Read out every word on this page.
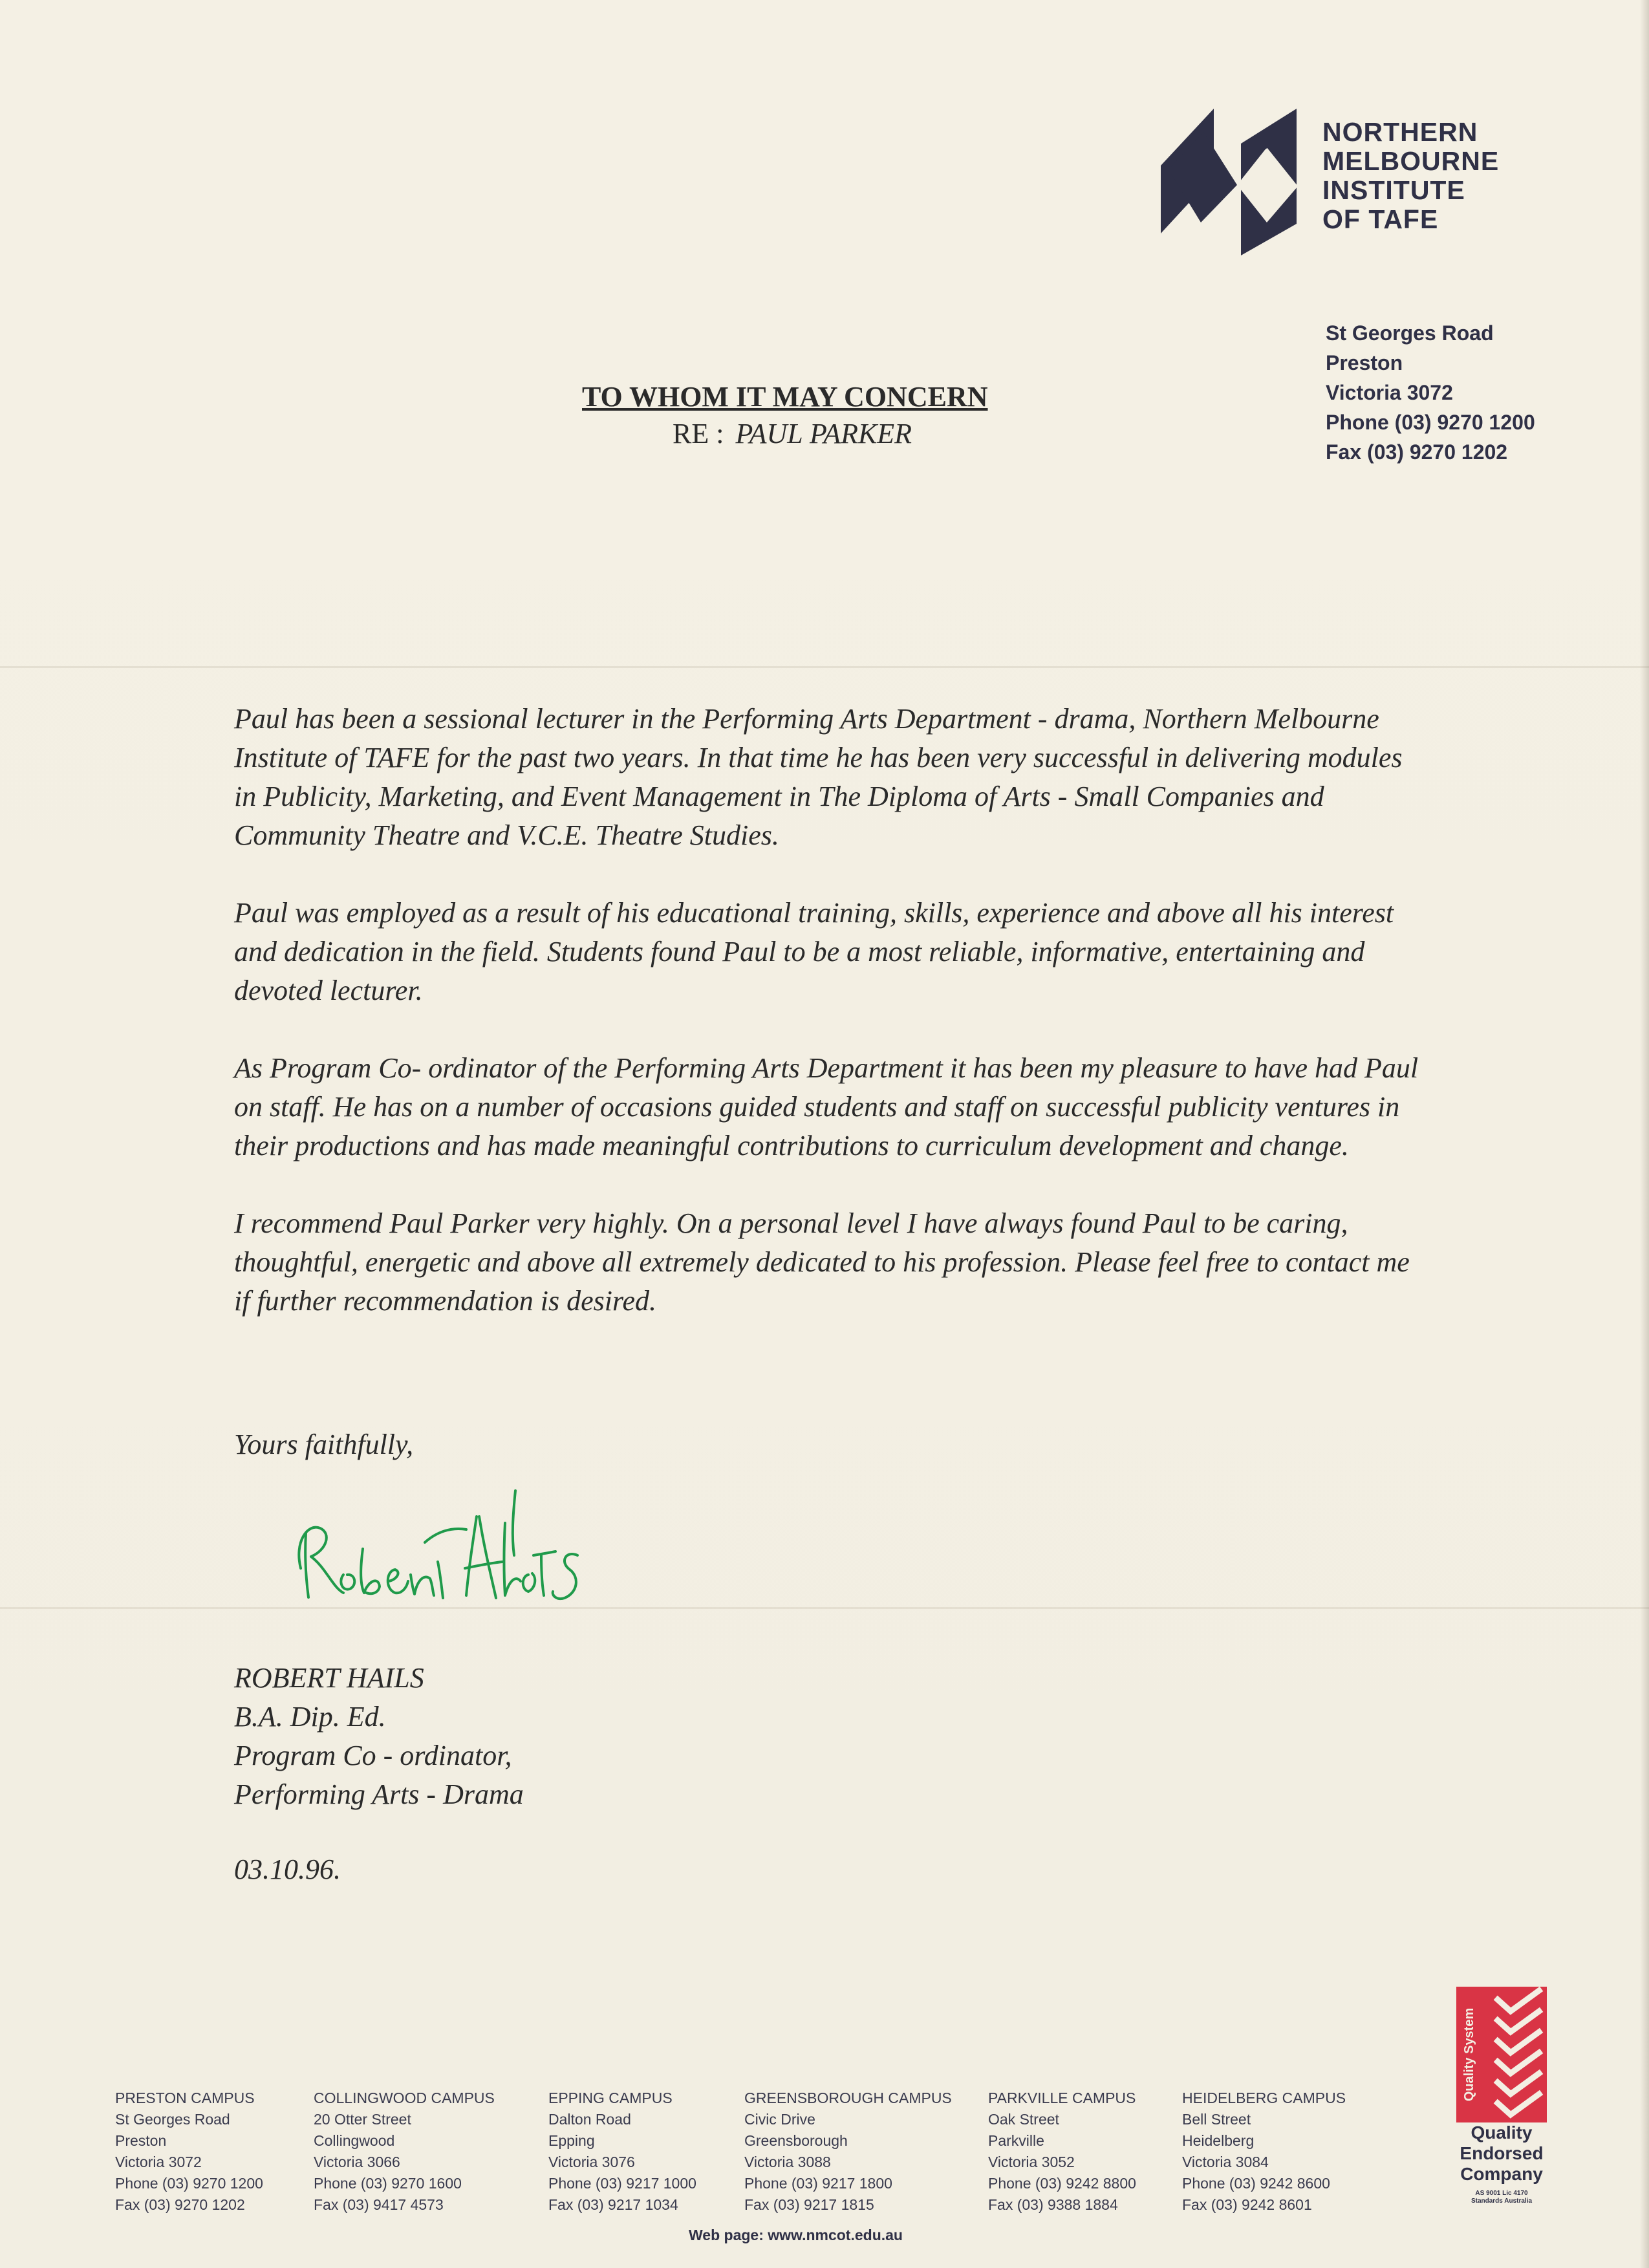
NORTHERN
MELBOURNE
INSTITUTE
OF TAFE
St Georges Road
Preston
Victoria 3072
Phone (03) 9270 1200
Fax (03) 9270 1202
TO WHOM IT MAY CONCERN
RE : PAUL PARKER

Paul has been a sessional lecturer in the Performing Arts Department - drama, Northern Melbourne Institute of TAFE for the past two years. In that time he has been very successful in delivering modules in Publicity, Marketing, and Event Management in The Diploma of Arts - Small Companies and Community Theatre and V.C.E. Theatre Studies.

Paul was employed as a result of his educational training, skills, experience and above all his interest and dedication in the field. Students found Paul to be a most reliable, informative, entertaining and devoted lecturer.

As Program Co- ordinator of the Performing Arts Department it has been my pleasure to have had Paul on staff. He has on a number of occasions guided students and staff on successful publicity ventures in their productions and has made meaningful contributions to curriculum development and change.

I recommend Paul Parker very highly. On a personal level I have always found Paul to be caring, thoughtful, energetic and above all extremely dedicated to his profession. Please feel free to contact me if further recommendation is desired.

Yours faithfully,
ROBERT HAILS
B.A. Dip. Ed.
Program Co - ordinator,
Performing Arts - Drama
03.10.96.
PRESTON CAMPUS
St Georges Road
Preston
Victoria 3072
Phone (03) 9270 1200
Fax (03) 9270 1202
COLLINGWOOD CAMPUS
20 Otter Street
Collingwood
Victoria 3066
Phone (03) 9270 1600
Fax (03) 9417 4573
EPPING CAMPUS
Dalton Road
Epping
Victoria 3076
Phone (03) 9217 1000
Fax (03) 9217 1034
GREENSBOROUGH CAMPUS
Civic Drive
Greensborough
Victoria 3088
Phone (03) 9217 1800
Fax (03) 9217 1815
PARKVILLE CAMPUS
Oak Street
Parkville
Victoria 3052
Phone (03) 9242 8800
Fax (03) 9388 1884
HEIDELBERG CAMPUS
Bell Street
Heidelberg
Victoria 3084
Phone (03) 9242 8600
Fax (03) 9242 8601
Web page: www.nmcot.edu.au
Quality System
Quality
Endorsed
Company
AS 9001 Lic 4170
Standards Australia
